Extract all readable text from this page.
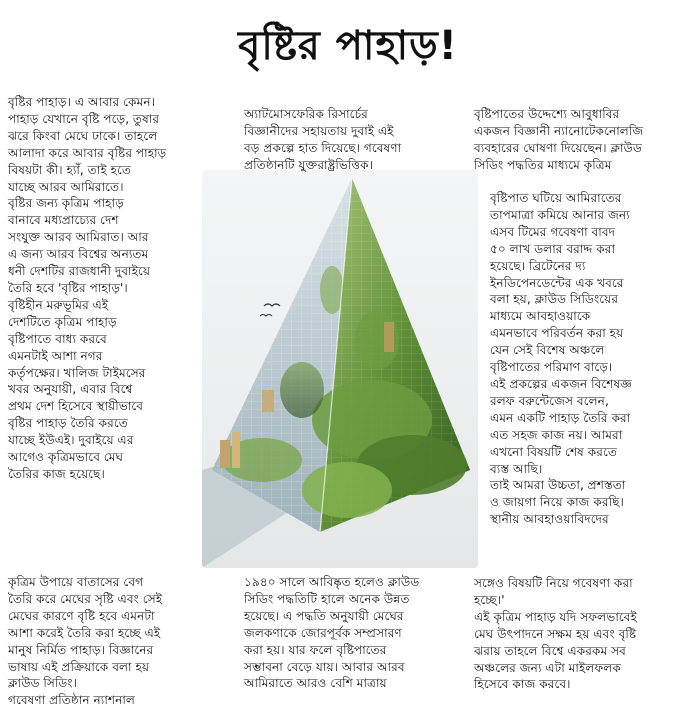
বৃষ্টির পাহাড়!

বৃষ্টির পাহাড়। এ আবার কেমন।

পাহাড় যেখানে বৃষ্টি পড়ে, তুষার

ঝরে কিংবা মেঘে ঢাকে। তাহলে

আলাদা করে আবার বৃষ্টির পাহাড়

বিষয়টা কী। হ্যাঁ, তাই হতে

যাচ্ছে আরব আমিরাতে।

বৃষ্টির জন্য কৃত্রিম পাহাড়

বানাবে মধ্যপ্রাচ্যের দেশ

সংযুক্ত আরব আমিরাত। আর

এ জন্য আরব বিশ্বের অন্যতম

ধনী দেশটির রাজধানী দুবাইয়ে

তৈরি হবে 'বৃষ্টির পাহাড়'।

বৃষ্টিহীন মরুভূমির এই

দেশটিতে কৃত্রিম পাহাড়

বৃষ্টিপাতে বাধ্য করবে

এমনটাই আশা নগর

কর্তৃপক্ষের। খালিজ টাইমসের

খবর অনুযায়ী, এবার বিশ্বে

প্রথম দেশ হিসেবে স্থায়ীভাবে

বৃষ্টির পাহাড় তৈরি করতে

যাচ্ছে ইউএই। দুবাইয়ে এর

আগেও কৃত্রিমভাবে মেঘ

তৈরির কাজ হয়েছে।

কৃত্রিম উপায়ে বাতাসের বেগ

তৈরি করে মেঘের সৃষ্টি এবং সেই

মেঘের কারণে বৃষ্টি হবে এমনটা

আশা করেই তৈরি করা হচ্ছে এই

মানুষ নির্মিত পাহাড়। বিজ্ঞানের

ভাষায় এই প্রক্রিয়াকে বলা হয়

ক্লাউড সিডিং।

গবেষণা প্রতিষ্ঠান ন্যাশনাল

অ্যাটমোসফেরিক রিসার্চের

বিজ্ঞানীদের সহায়তায় দুবাই এই

বড় প্রকল্পে হাত দিয়েছে। গবেষণা

প্রতিষ্ঠানটি যুক্তরাষ্ট্রভিত্তিক।

১৯৪০ সালে আবিষ্কৃত হলেও ক্লাউড

সিডিং পদ্ধতিটি হালে অনেক উন্নত

হয়েছে। এ পদ্ধতি অনুযায়ী মেঘের

জলকণাকে জোরপূর্বক সম্প্রসারণ

করা হয়। যার ফলে বৃষ্টিপাতের

সম্ভাবনা বেড়ে যায়। আবার আরব

আমিরাতে আরও বেশি মাত্রায়

বৃষ্টিপাতের উদ্দেশ্যে আবুধাবির

একজন বিজ্ঞানী ন্যানোটেকনোলজি

ব্যবহারের ঘোষণা দিয়েছেন। ক্লাউড

সিডিং পদ্ধতির মাধ্যমে কৃত্রিম

বৃষ্টিপাত ঘটিয়ে আমিরাতের

তাপমাত্রা কমিয়ে আনার জন্য

এসব টিমের গবেষণা বাবদ

৫০ লাখ ডলার বরাদ্দ করা

হয়েছে। ব্রিটেনের দ্য

ইনডিপেনডেন্টের এক খবরে

বলা হয়, ক্লাউড সিডিংয়ের

মাধ্যমে আবহাওয়াকে

এমনভাবে পরিবর্তন করা হয়

যেন সেই বিশেষ অঞ্চলে

বৃষ্টিপাতের পরিমাণ বাড়ে।

এই প্রকল্পের একজন বিশেষজ্ঞ

রলফ বরুন্টেজেস বলেন,

এমন একটি পাহাড় তৈরি করা

এত সহজ কাজ নয়। আমরা

এখনো বিষয়টি শেষ করতে

ব্যস্ত আছি।

তাই আমরা উচ্চতা, প্রশস্ততা

ও জায়গা নিয়ে কাজ করছি।

স্থানীয় আবহাওয়াবিদদের

সঙ্গেও বিষয়টি নিয়ে গবেষণা করা

হচ্ছে।'

এই কৃত্রিম পাহাড় যদি সফলভাবেই

মেঘ উৎপাদনে সক্ষম হয় এবং বৃষ্টি

ঝরায় তাহলে বিশ্বে একরকম সব

অঞ্চলের জন্য এটা মাইলফলক

হিসেবে কাজ করবে।
